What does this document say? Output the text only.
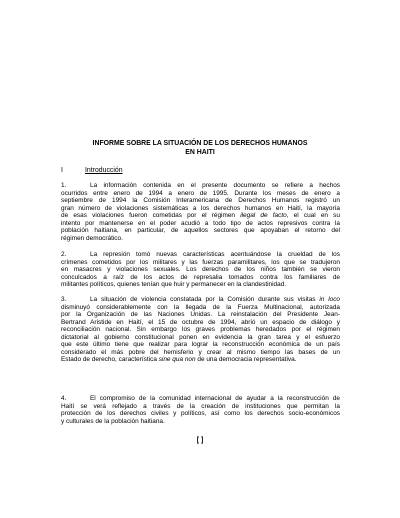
INFORME SOBRE LA SITUACIÓN DE LOS DERECHOS HUMANOS
EN HAITI
I	Introducción
1.	La información contenida en el presente documento se refiere a hechos
ocurridos entre enero de 1994 a enero de 1995. Durante los meses de enero a
septiembre de 1994 la Comisión Interamericana de Derechos Humanos registró un
gran número de violaciones sistemáticas a los derechos humanos en Haití, la mayoría
de esas violaciones fueron cometidas por el régimen ilegal de facto, el cual en su
intento por mantenerse en el poder acudió a todo tipo de actos represivos contra la
población haitiana, en particular, de aquellos sectores que apoyaban el retorno del
régimen democrático.
2.	La represión tomó nuevas características acentuándose la crueldad de los
crímenes cometidos por los militares y las fuerzas paramilitares, los que se tradujeron
en masacres y violaciones sexuales. Los derechos de los niños también se vieron
conculcados a raíz de los actos de represalia tomados contra los familiares de
militantes políticos, quienes tenían que huir y permanecer en la clandestinidad.
3.	La situación de violencia constatada por la Comisión durante sus visitas in loco
disminuyó considerablemente con la llegada de la Fuerza Multinacional, autorizada
por la Organización de las Naciones Unidas. La reinstalación del Presidente Jean-
Bertrand Aristide en Haití, el 15 de octubre de 1994, abrió un espacio de diálogo y
reconciliación nacional. Sin embargo los graves problemas heredados por el régimen
dictatorial al gobierno constitucional ponen en evidencia la gran tarea y el esfuerzo
que este último tiene que realizar para lograr la reconstrucción económica de un país
considerado el más pobre del hemisferio y crear al mismo tiempo las bases de un
Estado de derecho, característica sine qua non de una democracia representativa.
4.	El compromiso de la comunidad internacional de ayudar a la reconstrucción de
Haití se verá reflejado a través de la creación de instituciones que permitan la
protección de los derechos civiles y políticos, así como los derechos socio-económicos
y culturales de la población haitiana.
[ ]
